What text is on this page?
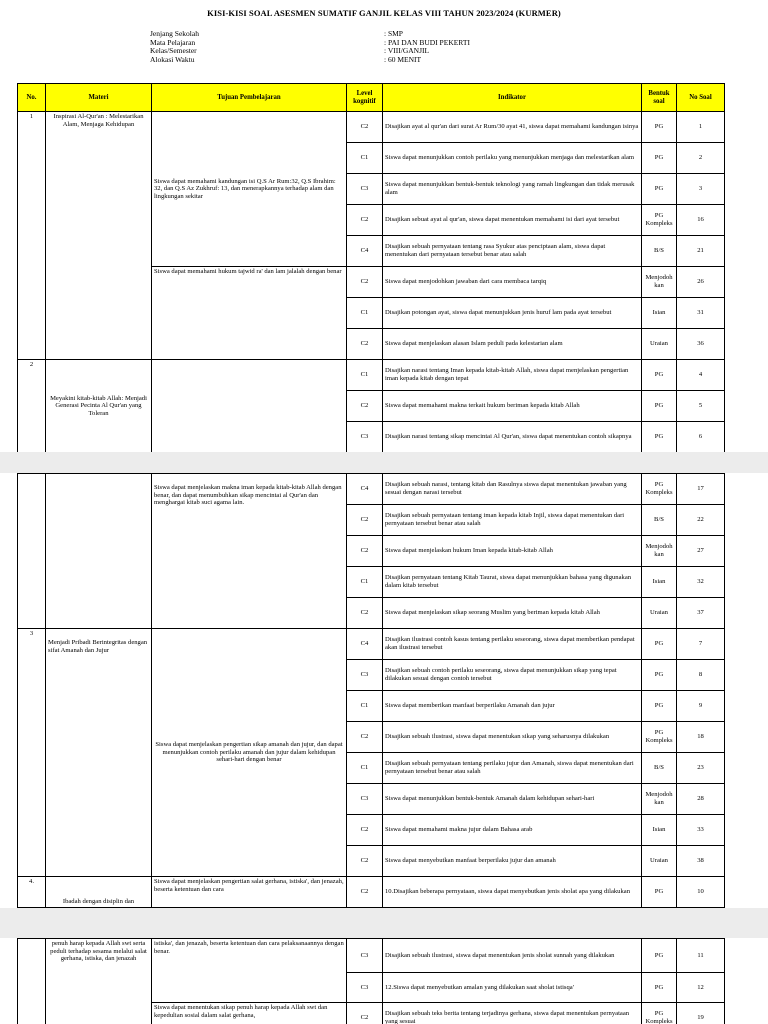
KISI-KISI SOAL ASESMEN SUMATIF GANJIL KELAS VIII TAHUN 2023/2024 (KURMER)
Jenjang Sekolah	: SMP
Mata Pelajaran	: PAI DAN BUDI PEKERTI
Kelas/Semester	: VIII/GANJIL
Alokasi Waktu	: 60 MENIT
No.	Materi	Tujuan Pembelajaran	Level kognitif	Indikator	Bentuk soal	No Soal
1	Inspirasi Al-Qur'an : Melestarikan Alam, Menjaga Kehidupan	Siswa dapat memahami kandungan isi Q.S Ar Rum:32, Q.S Ibrahim: 32, dan Q.S Az Zukhruf: 13, dan menerapkannya terhadap alam dan lingkungan sekitar	C2	Disajikan ayat al qur'an dari surat Ar Rum/30 ayat 41, siswa dapat memahami kandungan isinya	PG	1
			C1	Siswa dapat menunjukkan contoh perilaku yang menunjukkan menjaga dan melestarikan alam	PG	2
			C3	Siswa dapat menunjukkan bentuk-bentuk teknologi yang ramah lingkungan dan tidak merusak alam	PG	3
			C2	Disajikan sebuat ayat al qur'an, siswa dapat menentukan memahami isi dari ayat tersebut	PG Kompleks	16
			C4	Disajikan sebuah pernyataan tentang rasa Syukur atas penciptaan alam, siswa dapat menentukan dari pernyataan tersebut benar atau salah	B/S	21
		Siswa dapat memahami hukum tajwid ra' dan lam jalalah dengan benar	C2	Siswa dapat menjodohkan jawaban dari cara membaca tarqiq	Menjodoh kan	26
			C1	Disajikan potongan ayat, siswa dapat menunjukkan jenis huruf lam pada ayat tersebut	Isian	31
			C2	Siswa dapat menjelaskan alasan Islam peduli pada kelestarian alam	Uraian	36
2	Meyakini kitab-kitab Allah: Menjadi Generasi Pecinta Al Qur'an yang Toleran		C1	Disajikan narasi tentang Iman kepada kitab-kitab Allah, siswa dapat menjelaskan pengertian iman kepada kitab dengan tepat	PG	4
			C2	Siswa dapat memahami makna terkait hukum beriman kepada kitab Allah	PG	5
			C3	Disajikan narasi tentang sikap mencintai Al Qur'an, siswa dapat menentukan contoh sikapnya	PG	6
		Siswa dapat menjelaskan makna iman kepada kitab-kitab Allah dengan benar, dan dapat menumbuhkan sikap mencintai al Qur'an dan menghargai kitab suci agama lain.	C4	Disajikan sebuah narasi, tentang kitab dan Rasulnya siswa dapat menentukan jawaban yang sesuai dengan narasi tersebut	PG Kompleks	17
			C2	Disajikan sebuah pernyataan tentang iman kepada kitab Injil, siswa dapat menentukan dari pernyataan tersebut benar atau salah	B/S	22
			C2	Siswa dapat menjelaskan hukum Iman kepada kitab-kitab Allah	Menjodoh kan	27
			C1	Disajikan pernyataan tentang Kitab Taurat, siswa dapat menunjukkan bahasa yang digunakan dalam kitab tersebut	Isian	32
			C2	Siswa dapat menjelaskan sikap seorang Muslim yang beriman kepada kitab Allah	Uraian	37
3	Menjadi Pribadi Berintegritas dengan sifat Amanah dan Jujur	Siswa dapat menjelaskan pengertian sikap amanah dan jujur, dan dapat menunjukkan contoh perilaku amanah dan jujur dalam kehidupan sehari-hari dengan benar	C4	Disajikan ilustrasi contoh kasus tentang perilaku seseorang, siswa dapat memberikan pendapat akan ilustrasi tersebut	PG	7
			C3	Disajikan sebuah contoh perilaku seseorang, siswa dapat menunjukkan sikap yang tepat dilakukan sesuai dengan contoh tersebut	PG	8
			C1	Siswa dapat memberikan manfaat berperilaku Amanah dan jujur	PG	9
			C2	Disajikan sebuah ilustrasi, siswa dapat menentukan sikap yang seharusnya dilakukan	PG Kompleks	18
			C1	Disajikan sebuah pernyataan tentang perilaku jujur dan Amanah, siswa dapat menentukan dari pernyataan tersebut benar atau salah	B/S	23
			C3	Siswa dapat menunjukkan bentuk-bentuk Amanah dalam kehidupan sehari-hari	Menjodoh kan	28
			C2	Siswa dapat memahami makna jujur dalam Bahasa arab	Isian	33
			C2	Siswa dapat menyebutkan manfaat berperilaku jujur dan amanah	Uraian	38
4.	Ibadah dengan disiplin dan	Siswa dapat menjelaskan pengertian salat gerhana, istiska', dan jenazah, beserta ketentuan dan cara	C2	10.Disajikan beberapa pernyataan, siswa dapat menyebutkan jenis sholat apa yang dilakukan	PG	10
	penuh harap kepada Allah swt serta peduli terhadap sesama melalui salat gerhana, istiska, dan jenazah	istiska', dan jenazah, beserta ketentuan dan cara pelaksanaannya dengan benar.	C3	Disajikan sebuah ilustrasi, siswa dapat menentukan jenis sholat sunnah yang dilakukan	PG	11
			C3	12.Siswa dapat menyebutkan amalan yang dilakukan saat sholat istisqa'	PG	12
		Siswa dapat menentukan sikap penuh harap kepada Allah swt dan kepedulian sosial dalam salat gerhana,	C2	Disajikan sebuah teks berita tentang terjadinya gerhana, siswa dapat menentukan pernyataan yang sesuai	PG Kompleks	19
